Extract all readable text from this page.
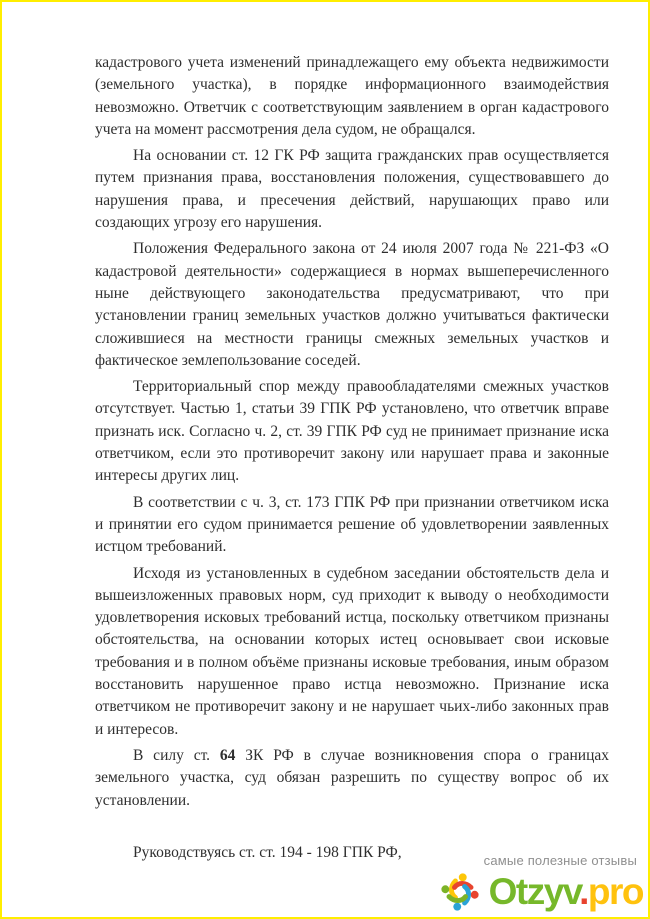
кадастрового учета изменений принадлежащего ему объекта недвижимости (земельного участка), в порядке информационного взаимодействия невозможно. Ответчик с соответствующим заявлением в орган кадастрового учета на момент рассмотрения дела судом, не обращался.

На основании ст. 12 ГК РФ защита гражданских прав осуществляется путем признания права, восстановления положения, существовавшего до нарушения права, и пресечения действий, нарушающих право или создающих угрозу его нарушения.

Положения Федерального закона от 24 июля 2007 года № 221-ФЗ «О кадастровой деятельности» содержащиеся в нормах вышеперечисленного ныне действующего законодательства предусматривают, что при установлении границ земельных участков должно учитываться фактически сложившиеся на местности границы смежных земельных участков и фактическое землепользование соседей.

Территориальный спор между правообладателями смежных участков отсутствует. Частью 1, статьи 39 ГПК РФ установлено, что ответчик вправе признать иск. Согласно ч. 2, ст. 39 ГПК РФ суд не принимает признание иска ответчиком, если это противоречит закону или нарушает права и законные интересы других лиц.

В соответствии с ч. 3, ст. 173 ГПК РФ при признании ответчиком иска и принятии его судом принимается решение об удовлетворении заявленных истцом требований.

Исходя из установленных в судебном заседании обстоятельств дела и вышеизложенных правовых норм, суд приходит к выводу о необходимости удовлетворения исковых требований истца, поскольку ответчиком признаны обстоятельства, на основании которых истец основывает свои исковые требования и в полном объёме признаны исковые требования, иным образом восстановить нарушенное право истца невозможно. Признание иска ответчиком не противоречит закону и не нарушает чьих-либо законных прав и интересов.

В силу ст. 64 ЗК РФ в случае возникновения спора о границах земельного участка, суд обязан разрешить по существу вопрос об их установлении.

Руководствуясь ст. ст. 194 - 198 ГПК РФ,	самые полезные отзывы
Otzyv.pro
